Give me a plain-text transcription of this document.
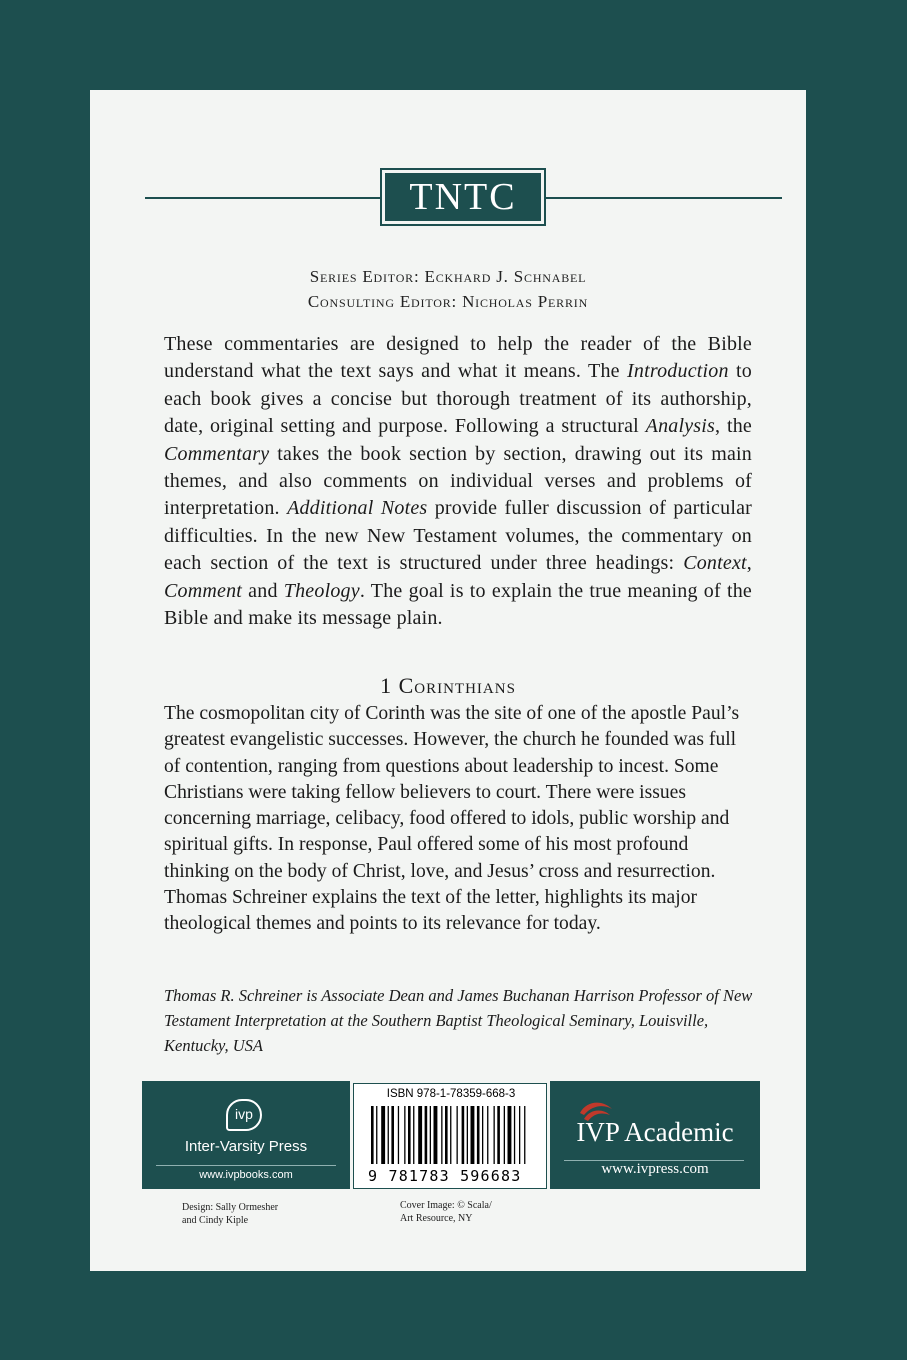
TNTC
Series Editor: Eckhard J. Schnabel
Consulting Editor: Nicholas Perrin

These commentaries are designed to help the reader of the Bible understand what the text says and what it means. The Introduction to each book gives a concise but thorough treatment of its authorship, date, original setting and purpose. Following a structural Analysis, the Commentary takes the book section by section, drawing out its main themes, and also comments on individual verses and problems of interpretation. Additional Notes provide fuller discussion of particular difficulties. In the new New Testament volumes, the commentary on each section of the text is structured under three headings: Context, Comment and Theology. The goal is to explain the true meaning of the Bible and make its message plain.

1 Corinthians

The cosmopolitan city of Corinth was the site of one of the apostle Paul’s greatest evangelistic successes. However, the church he founded was full of contention, ranging from questions about leadership to incest. Some Christians were taking fellow believers to court. There were issues concerning marriage, celibacy, food offered to idols, public worship and spiritual gifts. In response, Paul offered some of his most profound thinking on the body of Christ, love, and Jesus’ cross and resurrection. Thomas Schreiner explains the text of the letter, highlights its major theological themes and points to its relevance for today.

Thomas R. Schreiner is Associate Dean and James Buchanan Harrison Professor of New Testament Interpretation at the Southern Baptist Theological Seminary, Louisville, Kentucky, USA
ivp
Inter-Varsity Press
www.ivpbooks.com
ISBN 978-1-78359-668-3
9 781783 596683
IVP Academic
www.ivpress.com
Design: Sally Ormesher
and Cindy Kiple
Cover Image: © Scala/
Art Resource, NY
